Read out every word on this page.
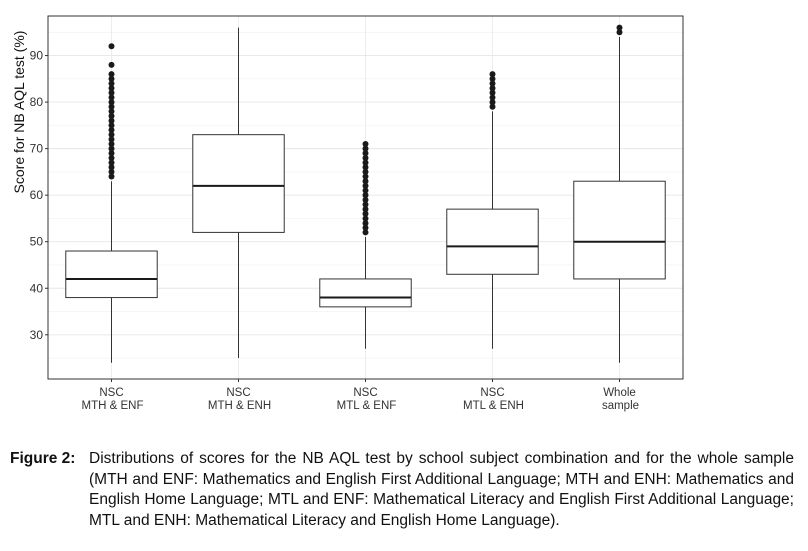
30
40
50
60
70
80
90
NSC
MTH & ENF
NSC
MTH & ENH
NSC
MTL & ENF
NSC
MTL & ENH
Whole
sample
Score for NB AQL test (%)
Figure 2: Distributions of scores for the NB AQL test by school subject combination and for the whole sample (MTH and ENF: Mathematics and English First Additional Language; MTH and ENH: Mathematics and English Home Language; MTL and ENF: Mathematical Literacy and English First Additional Language; MTL and ENH: Mathematical Literacy and English Home Language).
